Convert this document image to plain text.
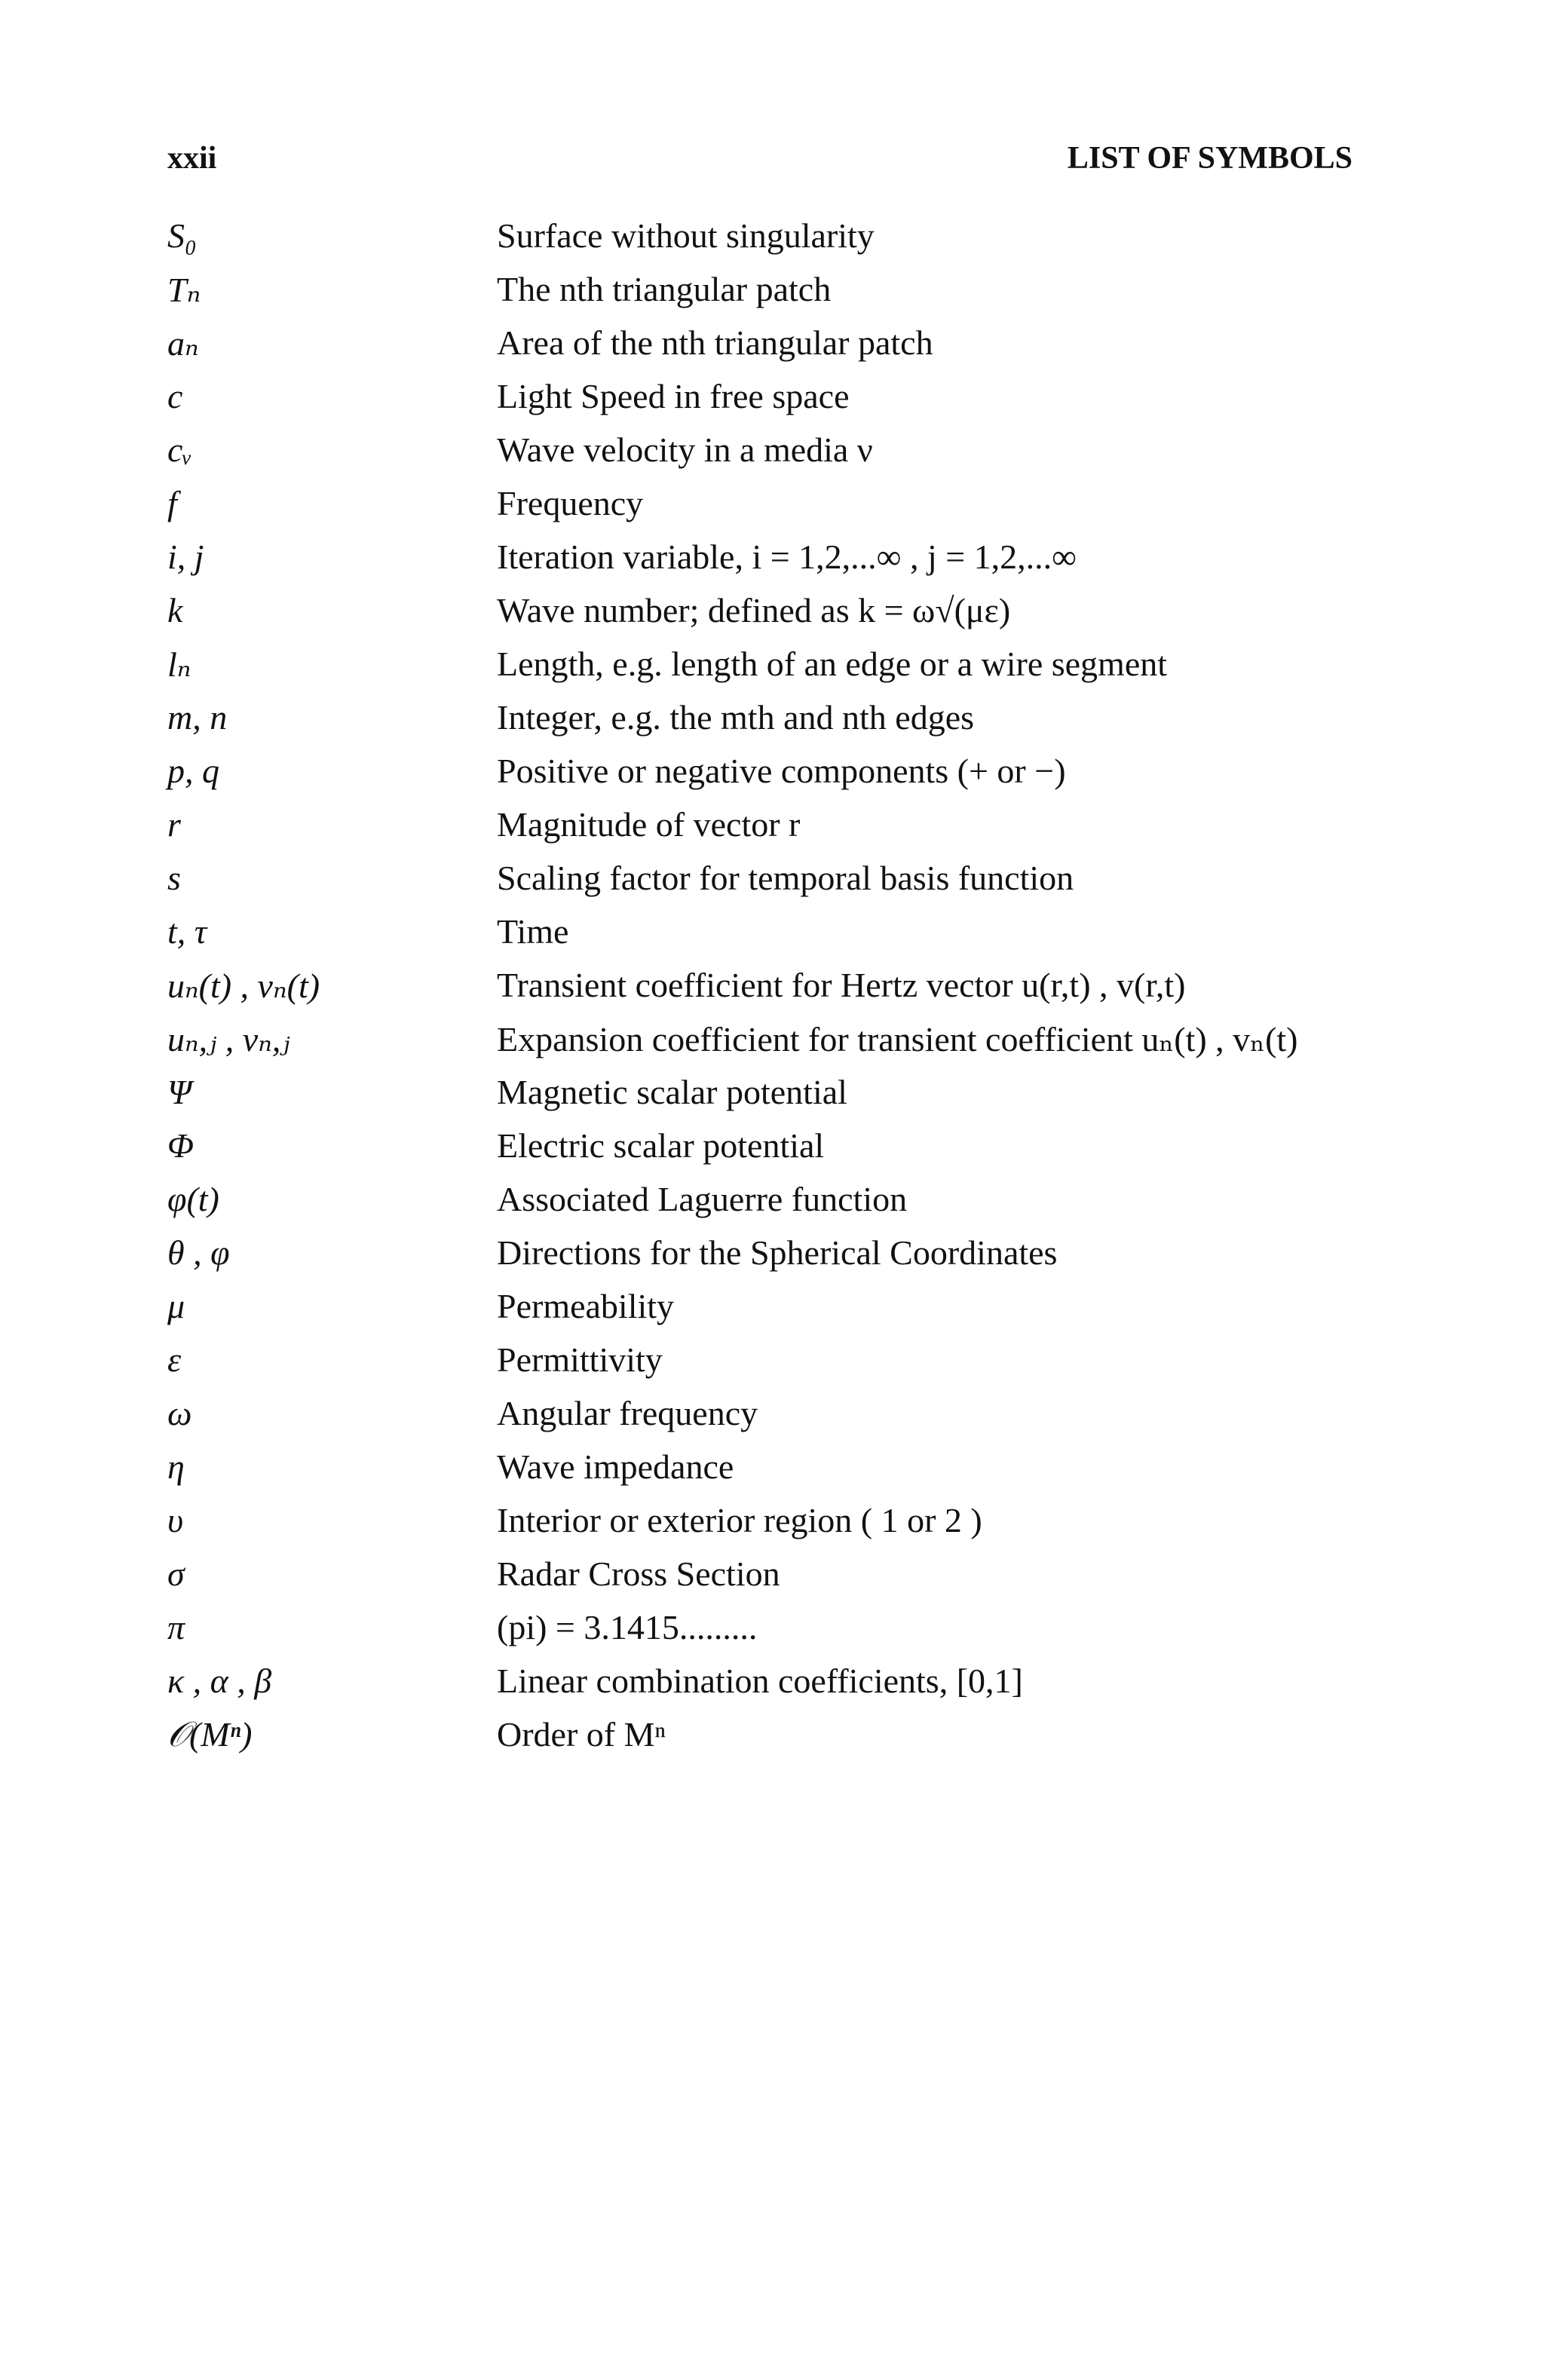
xxii	LIST OF SYMBOLS
S₀	Surface without singularity
Tₙ	The nth triangular patch
aₙ	Area of the nth triangular patch
c	Light Speed in free space
cᵥ	Wave velocity in a media ν
f	Frequency
i, j	Iteration variable, i = 1,2,...∞ , j = 1,2,...∞
k	Wave number; defined as k = ω√(με)
lₙ	Length, e.g. length of an edge or a wire segment
m, n	Integer, e.g. the mth and nth edges
p, q	Positive or negative components (+ or −)
r	Magnitude of vector r
s	Scaling factor for temporal basis function
t, τ	Time
uₙ(t) , vₙ(t)	Transient coefficient for Hertz vector u(r,t) , v(r,t)
uₙ,ⱼ , vₙ,ⱼ	Expansion coefficient for transient coefficient uₙ(t) , vₙ(t)
Ψ	Magnetic scalar potential
Φ	Electric scalar potential
φ(t)	Associated Laguerre function
θ , φ	Directions for the Spherical Coordinates
μ	Permeability
ε	Permittivity
ω	Angular frequency
η	Wave impedance
υ	Interior or exterior region ( 1 or 2 )
σ	Radar Cross Section
π	(pi) = 3.1415.........
κ , α , β	Linear combination coefficients, [0,1]
𝒪(Mⁿ)	Order of Mⁿ
